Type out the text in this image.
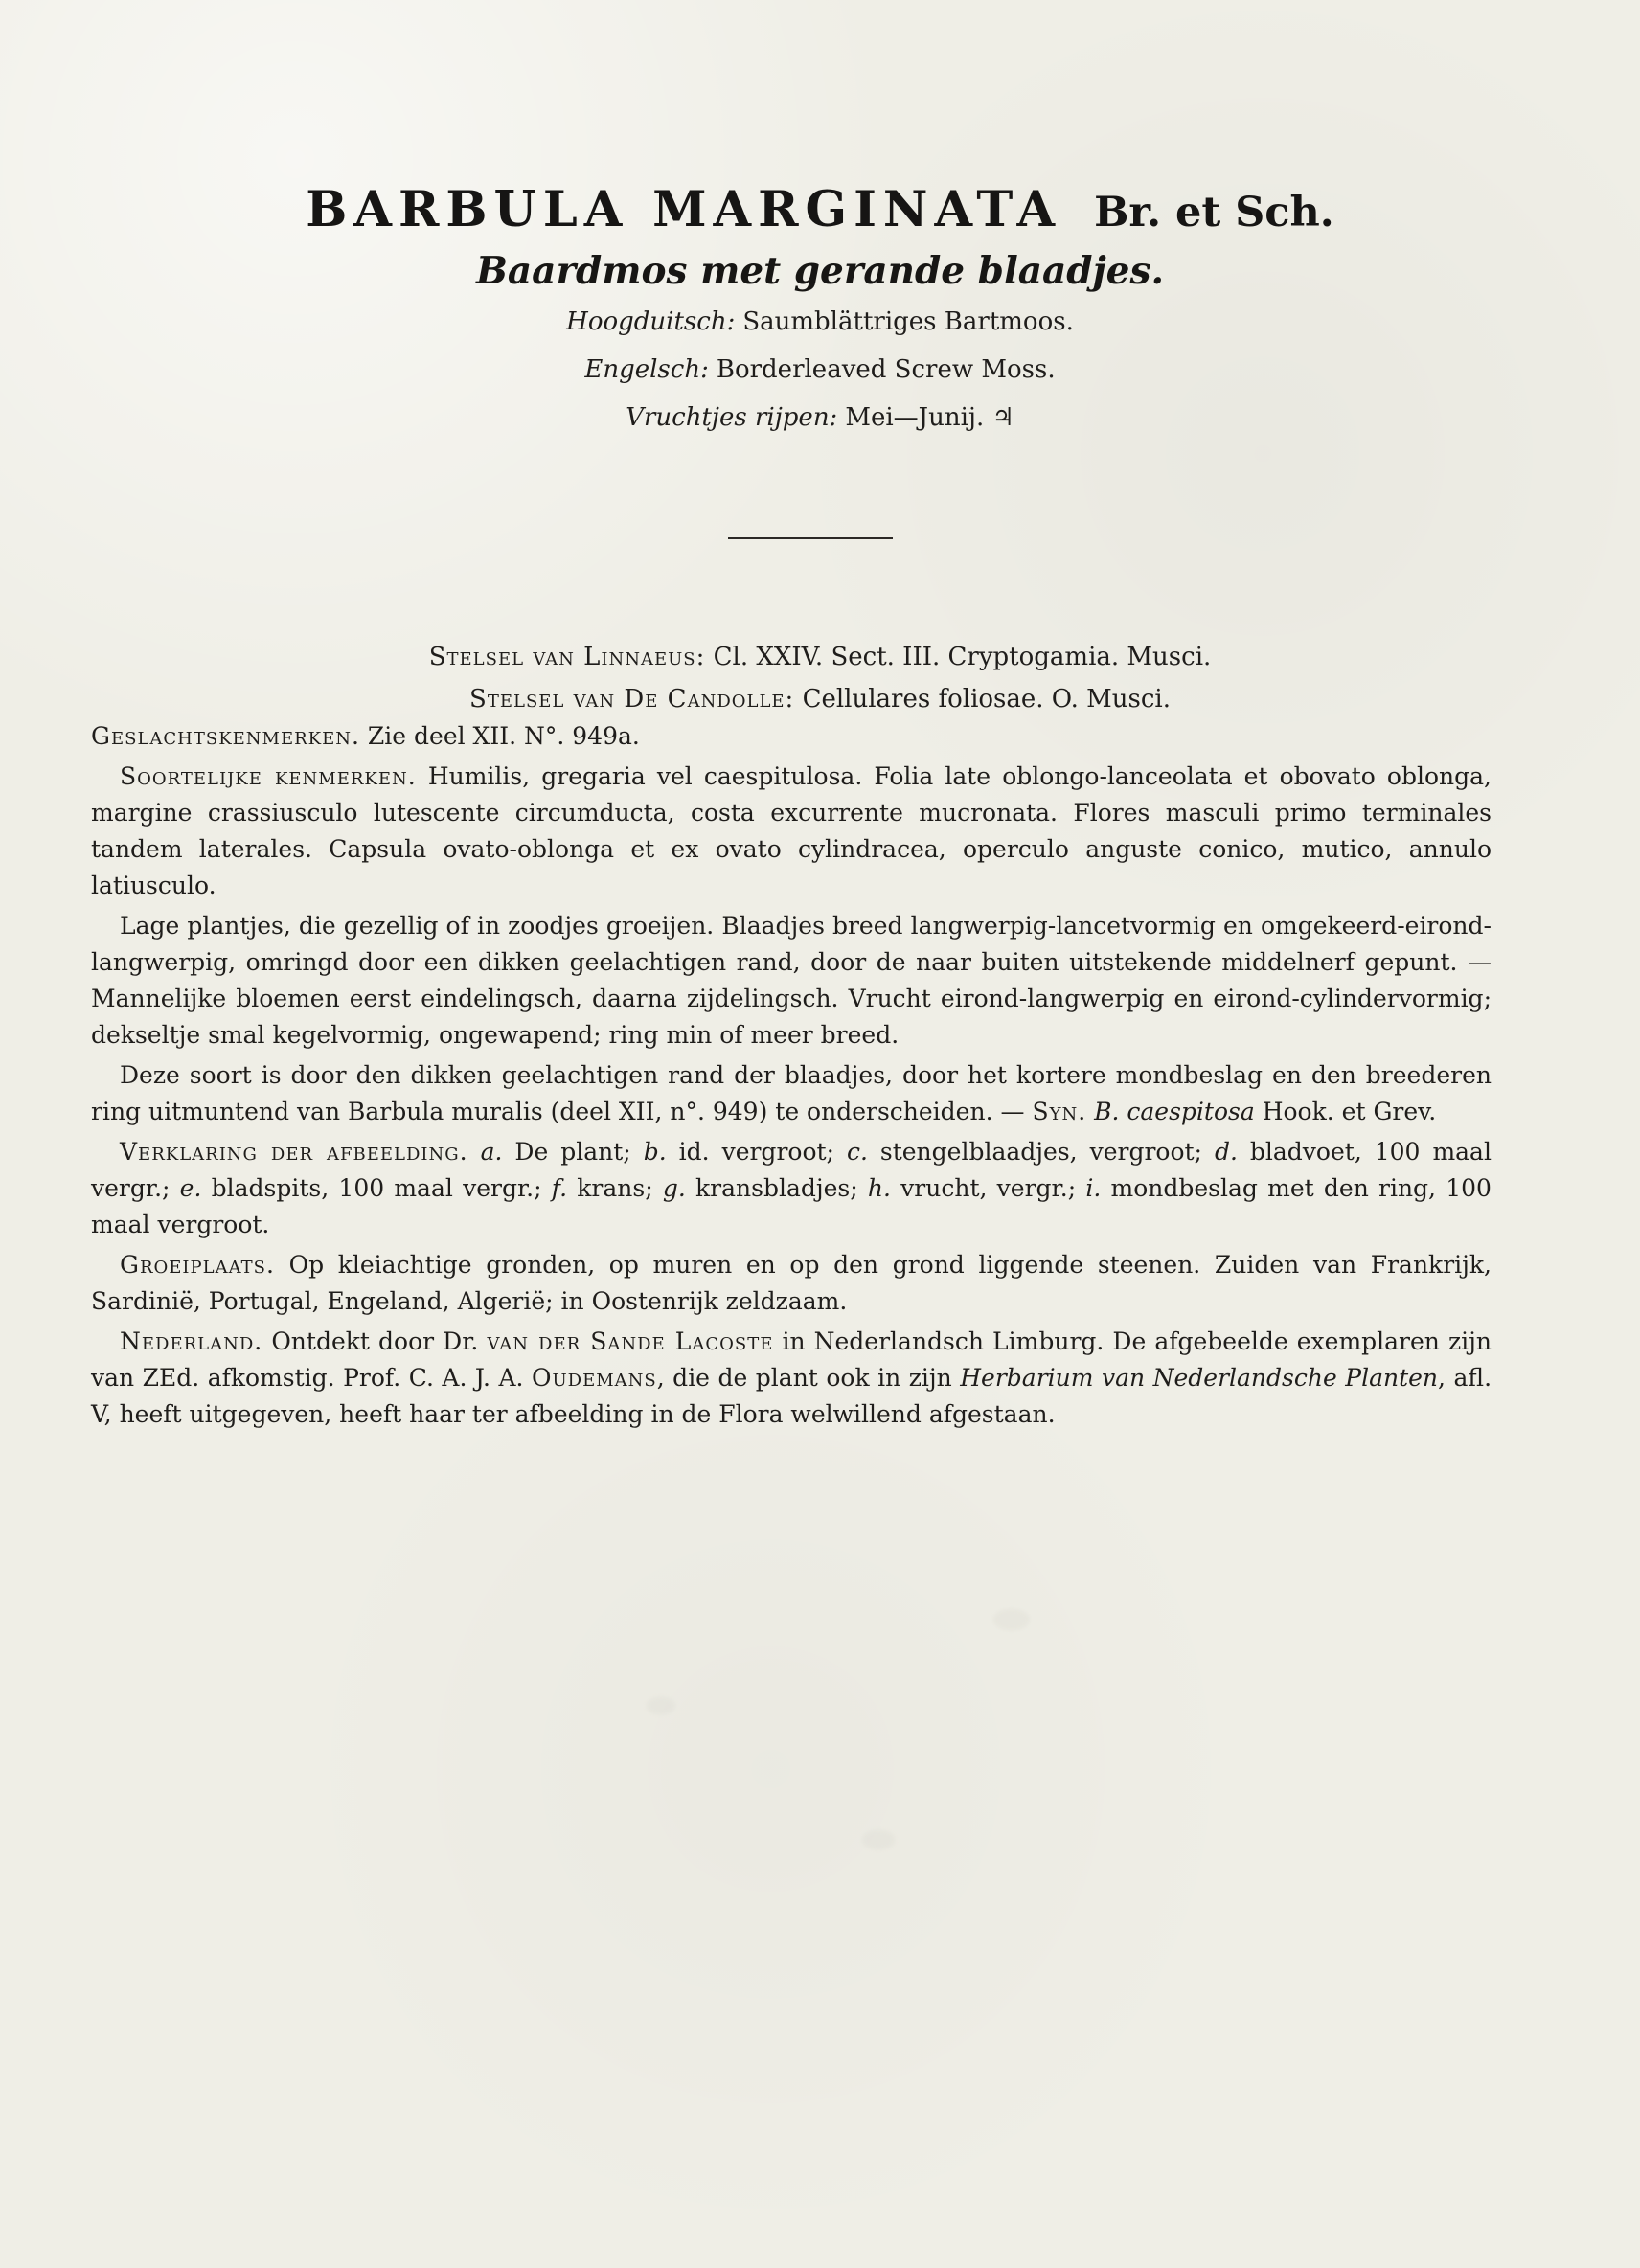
BARBULA MARGINATA Br. et Sch.
Baardmos met gerande blaadjes.

Hoogduitsch: Saumblättriges Bartmoos.

Engelsch: Borderleaved Screw Moss.

Vruchtjes rijpen: Mei—Junij. ♃

Stelsel van Linnaeus: Cl. XXIV. Sect. III. Cryptogamia. Musci.

Stelsel van De Candolle: Cellulares foliosae. O. Musci.

Geslachtskenmerken. Zie deel XII. N°. 949a.

Soortelijke kenmerken. Humilis, gregaria vel caespitulosa. Folia late oblongo-lanceolata et obovato oblonga, margine crassiusculo lutescente circumducta, costa excurrente mucronata. Flores masculi primo terminales tandem laterales. Capsula ovato-oblonga et ex ovato cylindracea, operculo anguste conico, mutico, annulo latiusculo.

Lage plantjes, die gezellig of in zoodjes groeijen. Blaadjes breed langwerpig-lancetvormig en omgekeerd-eirond-langwerpig, omringd door een dikken geelachtigen rand, door de naar buiten uitstekende middelnerf gepunt. — Mannelijke bloemen eerst eindelingsch, daarna zijdelingsch. Vrucht eirond-langwerpig en eirond-cylindervormig; dekseltje smal kegelvormig, ongewapend; ring min of meer breed.

Deze soort is door den dikken geelachtigen rand der blaadjes, door het kortere mondbeslag en den breederen ring uitmuntend van Barbula muralis (deel XII, n°. 949) te onderscheiden. — Syn. B. caespitosa Hook. et Grev.

Verklaring der afbeelding. a. De plant; b. id. vergroot; c. stengelblaadjes, vergroot; d. bladvoet, 100 maal vergr.; e. bladspits, 100 maal vergr.; f. krans; g. kransbladjes; h. vrucht, vergr.; i. mondbeslag met den ring, 100 maal vergroot.

Groeiplaats. Op kleiachtige gronden, op muren en op den grond liggende steenen. Zuiden van Frankrijk, Sardinië, Portugal, Engeland, Algerië; in Oostenrijk zeldzaam.

Nederland. Ontdekt door Dr. van der Sande Lacoste in Nederlandsch Limburg. De afgebeelde exemplaren zijn van ZEd. afkomstig. Prof. C. A. J. A. Oudemans, die de plant ook in zijn Herbarium van Nederlandsche Planten, afl. V, heeft uitgegeven, heeft haar ter afbeelding in de Flora welwillend afgestaan.
